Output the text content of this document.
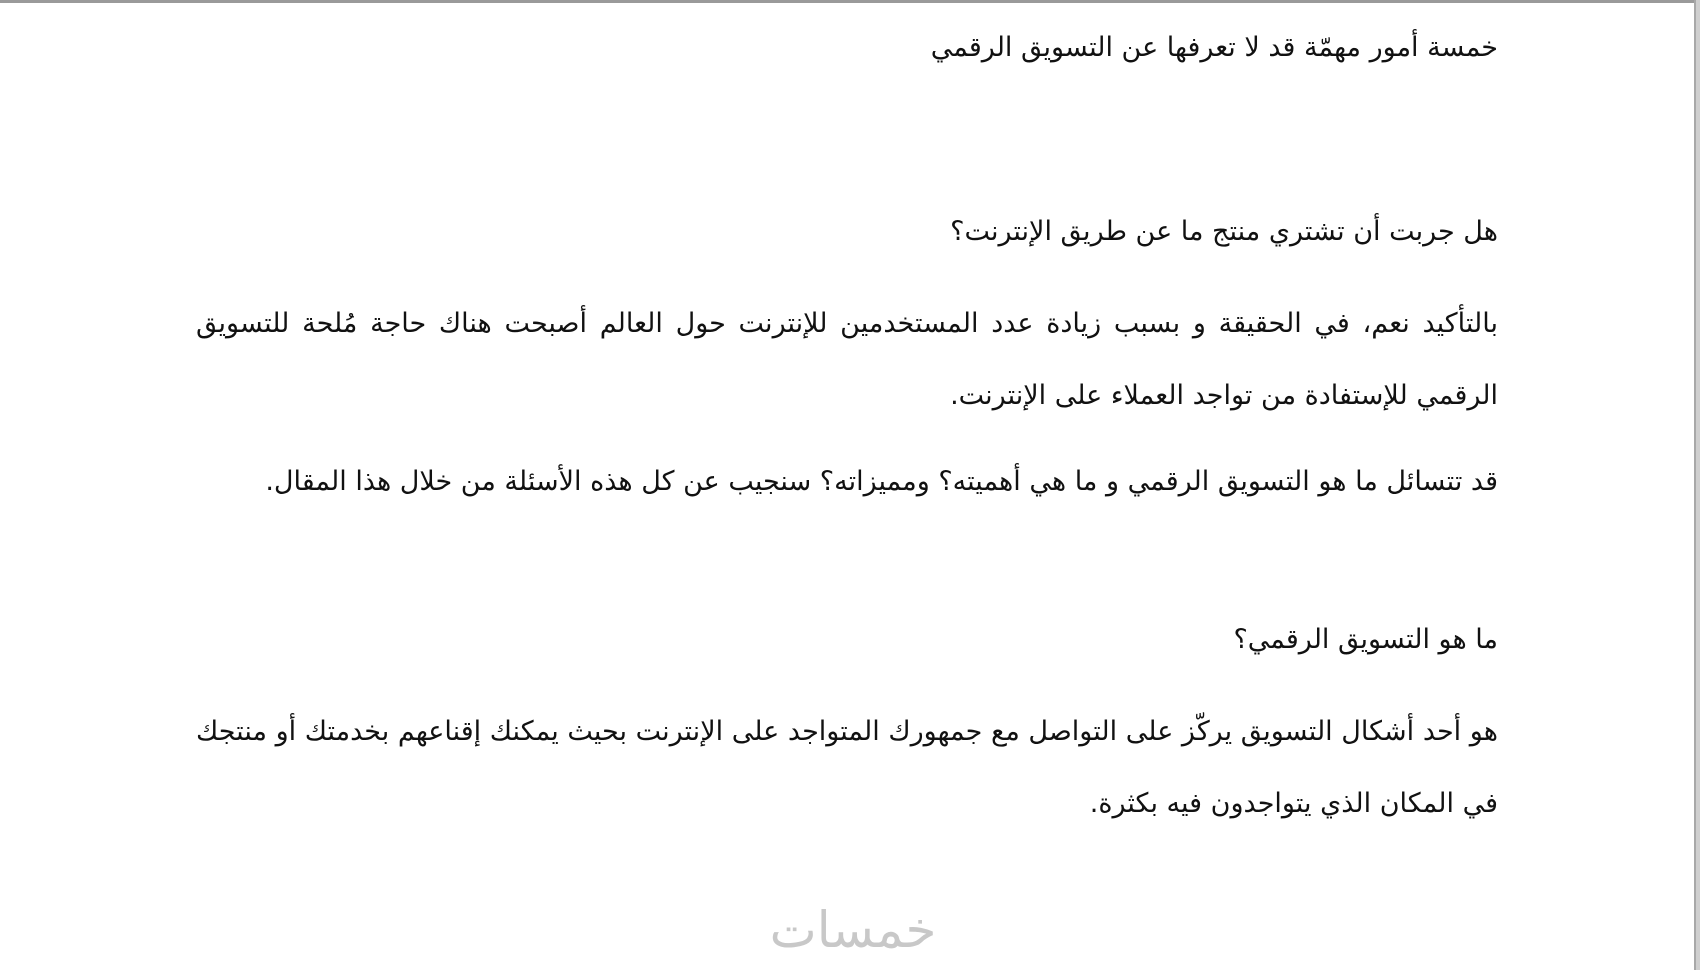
خمسة أمور مهمّة قد لا تعرفها عن التسويق الرقمي
هل جربت أن تشتري منتج ما عن طريق الإنترنت؟
بالتأكيد نعم، في الحقيقة و بسبب زيادة عدد المستخدمين للإنترنت حول العالم أصبحت هناك حاجة مُلحة للتسويق الرقمي للإستفادة من تواجد العملاء على الإنترنت.
قد تتسائل ما هو التسويق الرقمي و ما هي أهميته؟ ومميزاته؟ سنجيب عن كل هذه الأسئلة من خلال هذا المقال.
ما هو التسويق الرقمي؟
هو أحد أشكال التسويق يركّز على التواصل مع جمهورك المتواجد على الإنترنت بحيث يمكنك إقناعهم بخدمتك أو منتجك في المكان الذي يتواجدون فيه بكثرة.
خمسات
